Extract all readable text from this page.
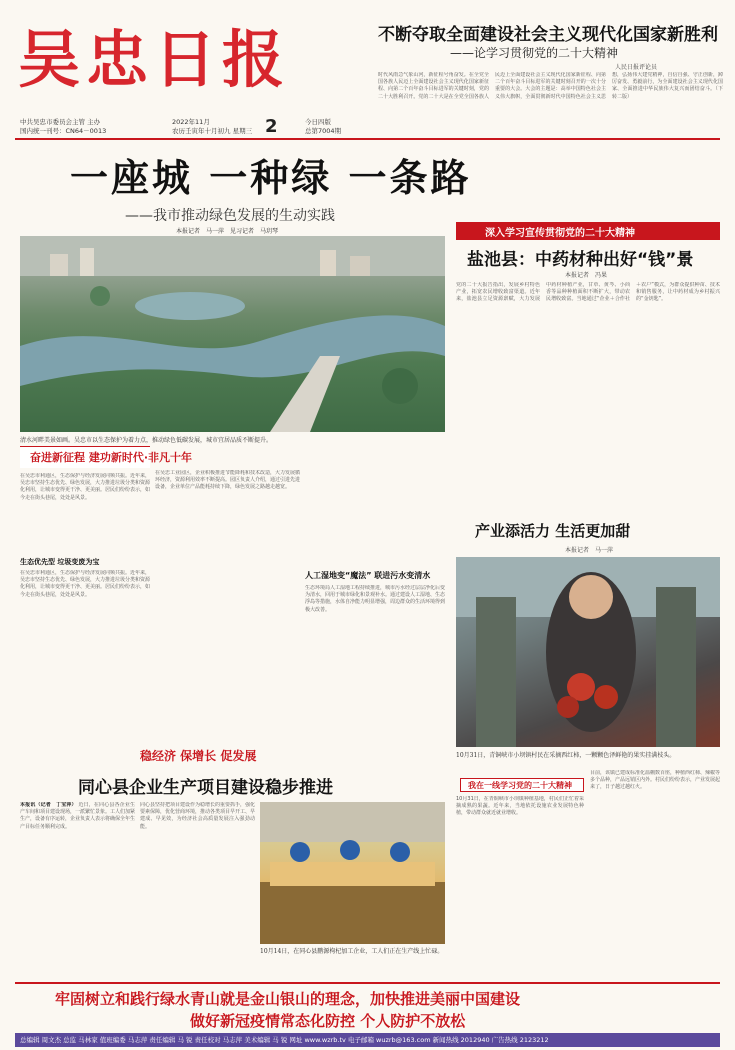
吴忠日报	不断夺取全面建设社会主义现代化国家新胜利
——论学习贯彻党的二十大精神
人民日报评论员
时代风雨急气象山河，新征程号角奋发。在全党全国各族人民迈上全面建设社会主义现代化国家新征程、向第二个百年奋斗目标进军的关键时刻，党的二十大胜利召开。党的二十大是在全党全国各族人民迈上全面建设社会主义现代化国家新征程、向第二个百年奋斗目标进军的关键时刻召开的一次十分重要的大会。大会的主题是：高举中国特色社会主义伟大旗帜，全面贯彻新时代中国特色社会主义思想，弘扬伟大建党精神，自信自强、守正创新，踔厉奋发、勇毅前行，为全面建设社会主义现代化国家、全面推进中华民族伟大复兴而团结奋斗。（下转二版）
中共吴忠市委员会主管 主办
国内统一刊号：CN64－0013
2022年11月
农历壬寅年十月初九 星期三 2	今日四版
总第7004期
一座城 一种绿 一条路
——我市推动绿色发展的生动实践
本报记者　马一萍　见习记者　马玥琴
清水河畔美景如画。吴忠市以生态保护为着力点，推动绿色低碳发展，城市宜居品质不断提升。
奋进新征程 建功新时代·非凡十年
在吴忠市利通区，生态保护与经济发展同频共振。近年来，吴忠市坚持生态优先、绿色发展，大力推进垃圾分类和资源化利用，让城市变得更干净、更美丽。居民们纷纷表示，如今走在街头巷尾，处处是风景。
生态优先型 垃圾变废为宝
在吴忠市利通区，生态保护与经济发展同频共振。近年来，吴忠市坚持生态优先、绿色发展，大力推进垃圾分类和资源化利用，让城市变得更干净、更美丽。居民们纷纷表示，如今走在街头巷尾，处处是风景。
在吴忠工业园区，企业积极推进节能降耗和技术改造，大力发展循环经济，资源利用效率不断提高。园区负责人介绍，通过引进先进设备，企业单位产品能耗持续下降，绿色发展之路越走越宽。
人工湿地变“魔法” 联进污水变清水
生态环境局人工湿地工程持续推进，城市污水经过层层净化后变为清水，回用于城市绿化和景观补水。通过建设人工湿地、生态浮岛等措施，水体自净能力明显增强，周边群众的生活环境得到极大改善。
深入学习宣传贯彻党的二十大精神
盐池县：中药材种出好“钱”景
本报记者　冯果
党的二十大报告指出，发展乡村特色产业，拓宽农民增收致富渠道。近年来，盐池县立足资源禀赋，大力发展中药材种植产业，甘草、黄芩、小茴香等品种种植面积不断扩大，带动农民增收致富。当地通过“企业＋合作社＋农户”模式，为群众提供种苗、技术和销售服务，让中药材成为乡村振兴的“金钥匙”。
产业添活力 生活更加甜
本报记者　马一萍
10月31日，青铜峡市小坝镇村民在采摘西红柿，一颗颗色泽鲜艳的果实挂满枝头。
我在一线学习党的二十大精神
10月31日，在青铜峡市小坝镇种植基地，村民们正忙着采摘成熟的果蔬。近年来，当地依托设施农业发展特色种植，带动群众就近就业增收。
目前，该镇已建成标准化温棚数百座，种植西红柿、辣椒等多个品种，产品远销区内外。村民们纷纷表示，产业发展起来了，日子越过越红火。
稳经济 保增长 促发展
同心县企业生产项目建设稳步推进
本报讯（记者　丁宝萍） 近日，在同心县各企业生产车间和项目建设现场，一派繁忙景象。工人们加紧生产，设备有序运转，企业负责人表示将确保全年生产目标任务顺利完成。
同心县坚持把项目建设作为稳增长的重要抓手，强化要素保障，优化营商环境，推动各类项目早开工、早建成、早见效，为经济社会高质量发展注入强劲动能。
10月14日，在同心县鹏源枸杞加工企业，工人们正在生产线上忙碌。
牢固树立和践行绿水青山就是金山银山的理念，加快推进美丽中国建设
做好新冠疫情常态化防控 个人防护不放松
总编辑 周文杰 总监 马林家 值班编委 马志萍 责任编辑 马 锐 责任校对 马志萍 美术编辑 马 锐 网址 www.wzrb.tv 电子邮箱 wuzrb@163.com 新闻热线 2012940 广告热线 2123212
